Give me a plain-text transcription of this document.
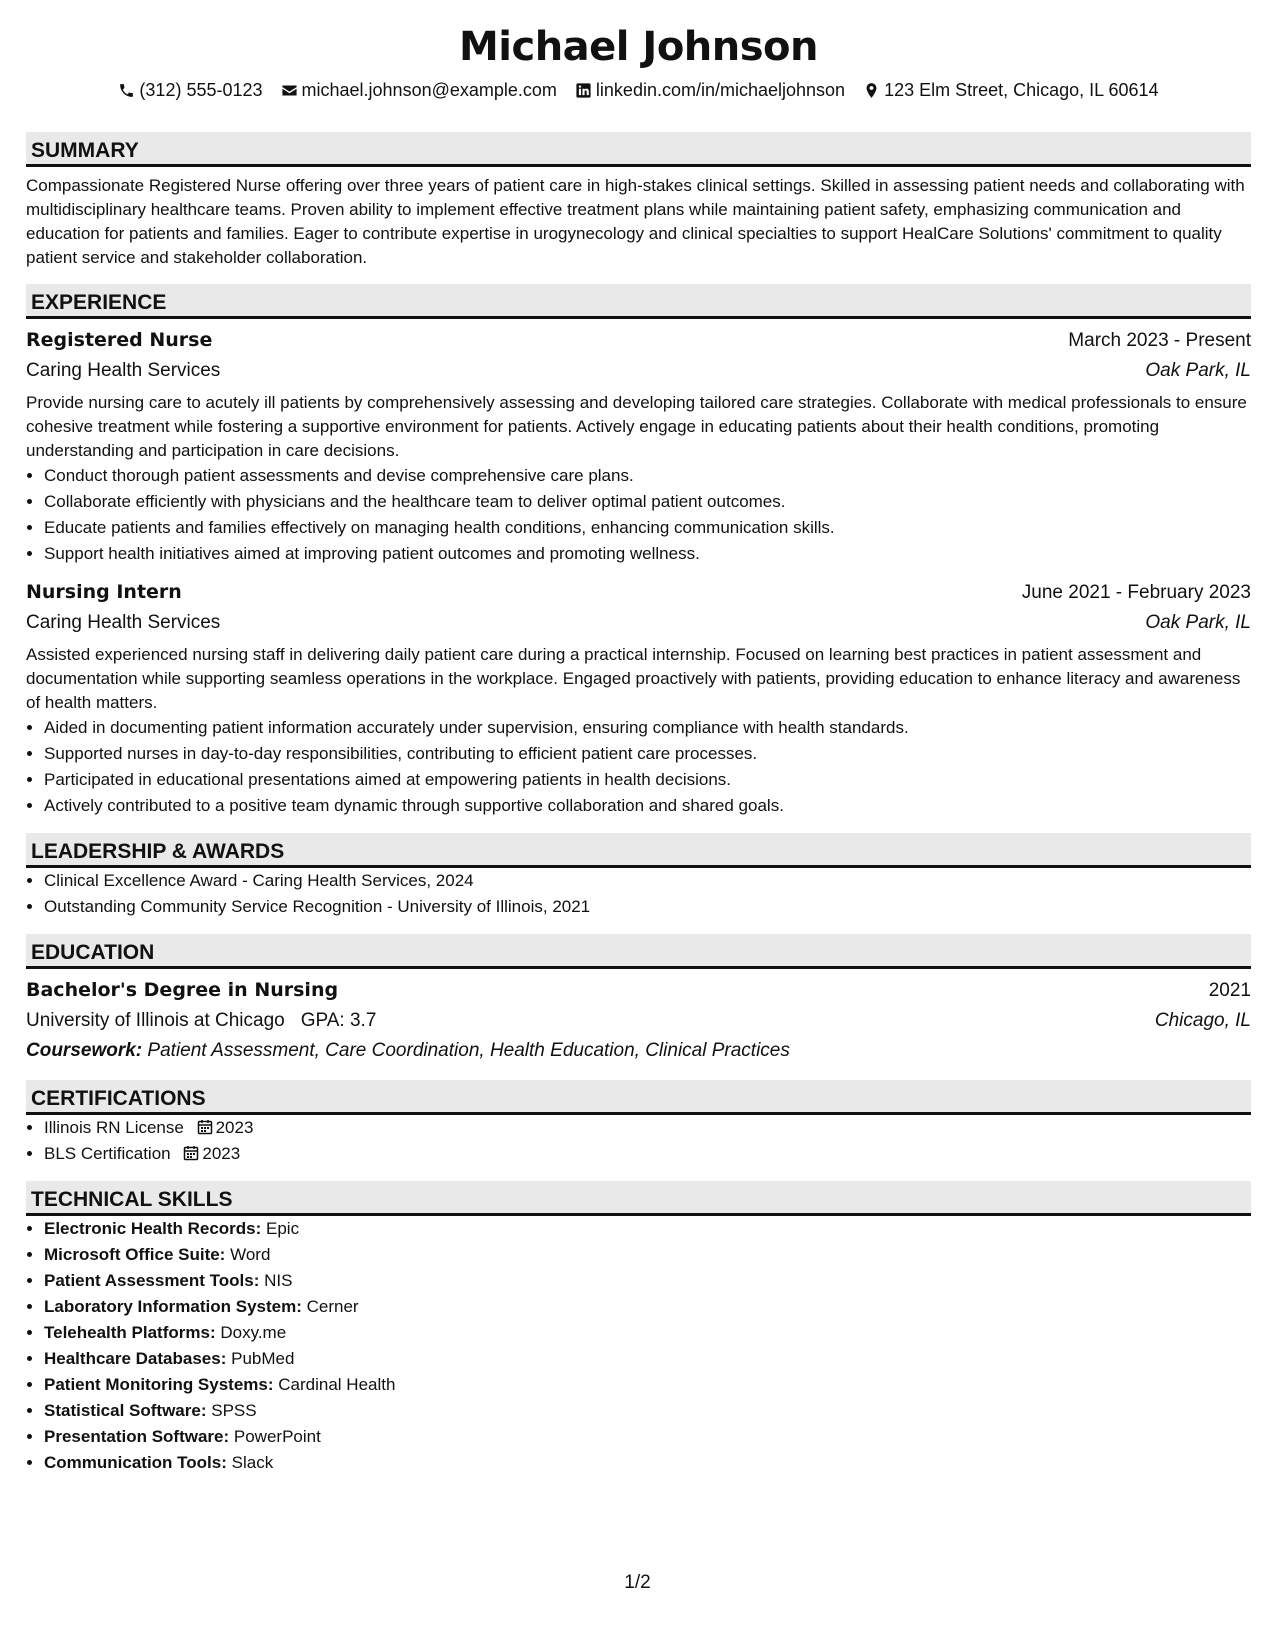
Michael Johnson
(312) 555-0123 michael.johnson@example.com linkedin.com/in/michaeljohnson 123 Elm Street, Chicago, IL 60614
SUMMARY

Compassionate Registered Nurse offering over three years of patient care in high-stakes clinical settings. Skilled in assessing patient needs and collaborating with multidisciplinary healthcare teams. Proven ability to implement effective treatment plans while maintaining patient safety, emphasizing communication and education for patients and families. Eager to contribute expertise in urogynecology and clinical specialties to support HealCare Solutions' commitment to quality patient service and stakeholder collaboration.

EXPERIENCE
Registered Nurse	March 2023 - Present
Caring Health Services	Oak Park, IL
Provide nursing care to acutely ill patients by comprehensively assessing and developing tailored care strategies. Collaborate with medical professionals to ensure cohesive treatment while fostering a supportive environment for patients. Actively engage in educating patients about their health conditions, promoting understanding and participation in care decisions.
• Conduct thorough patient assessments and devise comprehensive care plans.
• Collaborate efficiently with physicians and the healthcare team to deliver optimal patient outcomes.
• Educate patients and families effectively on managing health conditions, enhancing communication skills.
• Support health initiatives aimed at improving patient outcomes and promoting wellness.
Nursing Intern	June 2021 - February 2023
Caring Health Services	Oak Park, IL
Assisted experienced nursing staff in delivering daily patient care during a practical internship. Focused on learning best practices in patient assessment and documentation while supporting seamless operations in the workplace. Engaged proactively with patients, providing education to enhance literacy and awareness of health matters.
• Aided in documenting patient information accurately under supervision, ensuring compliance with health standards.
• Supported nurses in day-to-day responsibilities, contributing to efficient patient care processes.
• Participated in educational presentations aimed at empowering patients in health decisions.
• Actively contributed to a positive team dynamic through supportive collaboration and shared goals.
LEADERSHIP & AWARDS
• Clinical Excellence Award - Caring Health Services, 2024
• Outstanding Community Service Recognition - University of Illinois, 2021
EDUCATION
Bachelor's Degree in Nursing	2021
University of Illinois at Chicago GPA: 3.7	Chicago, IL
Coursework: Patient Assessment, Care Coordination, Health Education, Clinical Practices
CERTIFICATIONS
• Illinois RN License 2023
• BLS Certification 2023
TECHNICAL SKILLS
• Electronic Health Records: Epic
• Microsoft Office Suite: Word
• Patient Assessment Tools: NIS
• Laboratory Information System: Cerner
• Telehealth Platforms: Doxy.me
• Healthcare Databases: PubMed
• Patient Monitoring Systems: Cardinal Health
• Statistical Software: SPSS
• Presentation Software: PowerPoint
• Communication Tools: Slack
1/2
